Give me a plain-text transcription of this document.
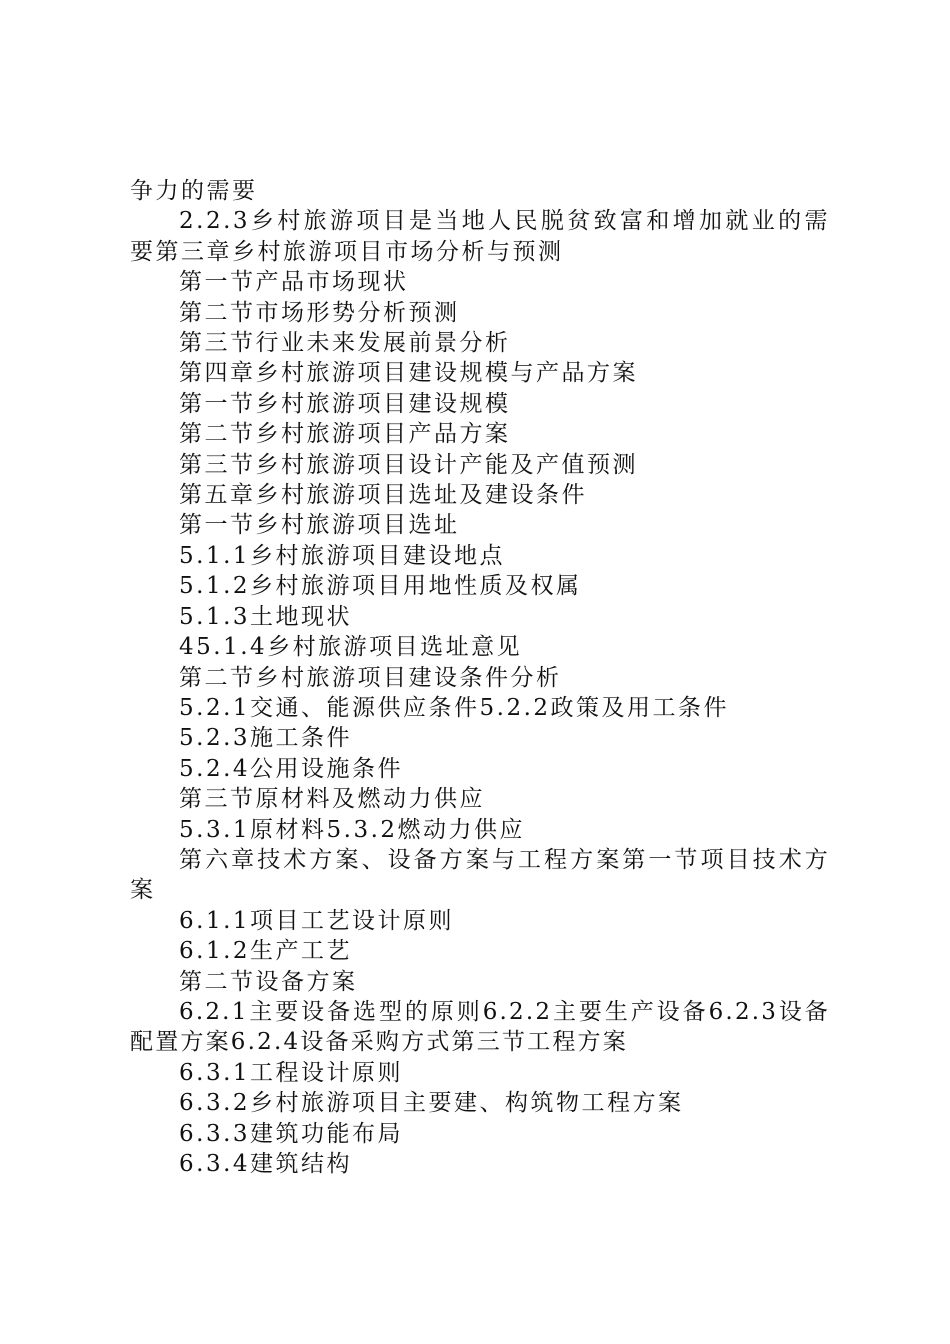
争力的需要
2.2.3乡村旅游项目是当地人民脱贫致富和增加就业的需要第三章乡村旅游项目市场分析与预测
第一节产品市场现状
第二节市场形势分析预测
第三节行业未来发展前景分析
第四章乡村旅游项目建设规模与产品方案
第一节乡村旅游项目建设规模
第二节乡村旅游项目产品方案
第三节乡村旅游项目设计产能及产值预测
第五章乡村旅游项目选址及建设条件
第一节乡村旅游项目选址
5.1.1乡村旅游项目建设地点
5.1.2乡村旅游项目用地性质及权属
5.1.3土地现状
45.1.4乡村旅游项目选址意见
第二节乡村旅游项目建设条件分析
5.2.1交通、能源供应条件5.2.2政策及用工条件
5.2.3施工条件
5.2.4公用设施条件
第三节原材料及燃动力供应
5.3.1原材料5.3.2燃动力供应
第六章技术方案、设备方案与工程方案第一节项目技术方案
6.1.1项目工艺设计原则
6.1.2生产工艺
第二节设备方案
6.2.1主要设备选型的原则6.2.2主要生产设备6.2.3设备配置方案6.2.4设备采购方式第三节工程方案
6.3.1工程设计原则
6.3.2乡村旅游项目主要建、构筑物工程方案
6.3.3建筑功能布局
6.3.4建筑结构
